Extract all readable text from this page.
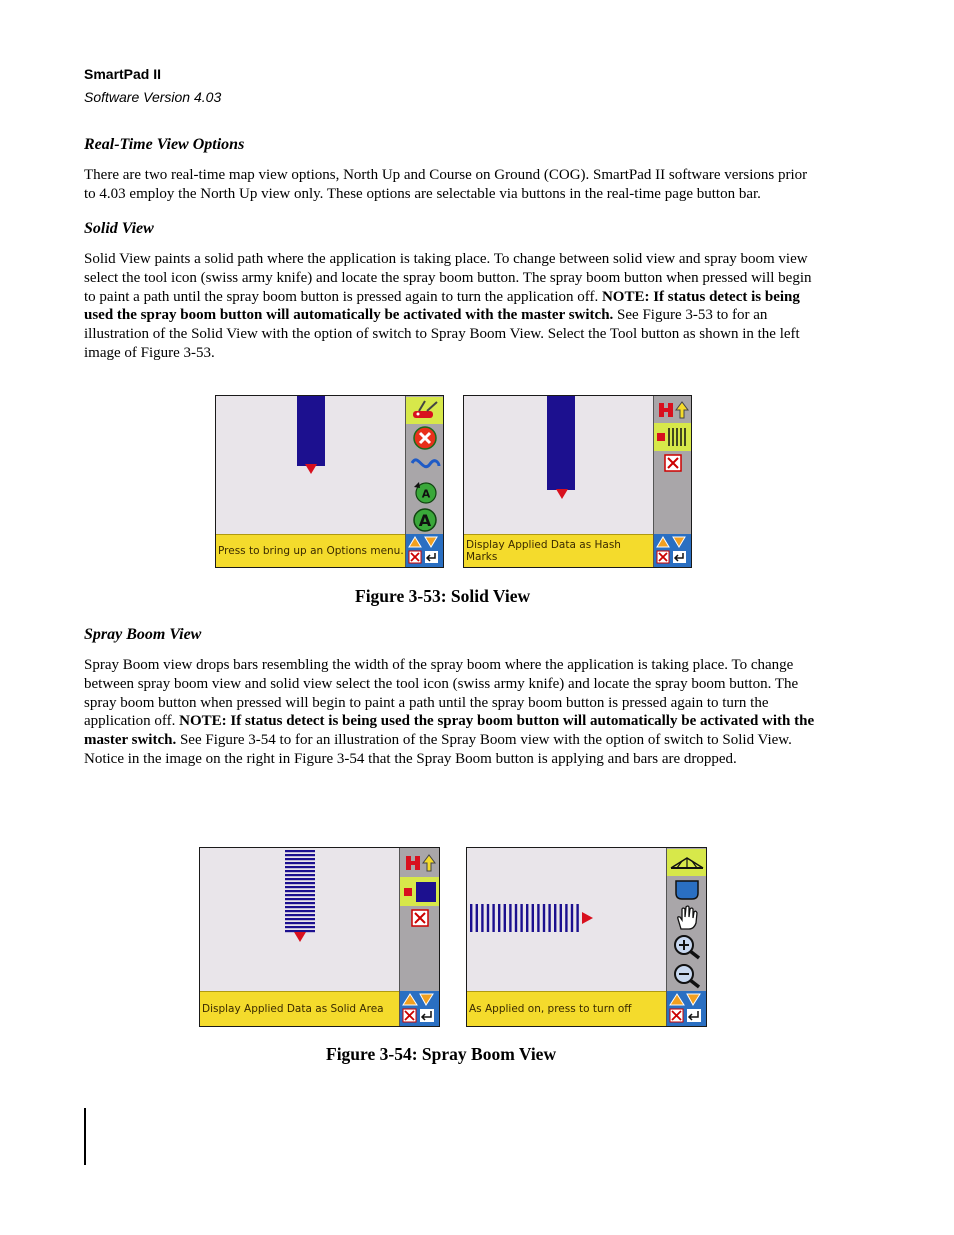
SmartPad II
Software Version 4.03
Real-Time View Options
There are two real-time map view options, North Up and Course on Ground (COG). SmartPad II software versions prior to 4.03 employ the North Up view only. These options are selectable via buttons in the real-time page button bar.
Solid View
Solid View paints a solid path where the application is taking place. To change between solid view and spray boom view select the tool icon (swiss army knife) and locate the spray boom button. The spray boom button when pressed will begin to paint a path until the spray boom button is pressed again to turn the application off. NOTE: If status detect is being used the spray boom button will automatically be activated with the master switch. See Figure 3-53 to for an illustration of the Solid View with the option of switch to Spray Boom View. Select the Tool button as shown in the left image of Figure 3-53.
A
A
Press to bring up an Options menu.	Display Applied Data as Hash Marks
Figure 3-53: Solid View
Spray Boom View
Spray Boom view drops bars resembling the width of the spray boom where the application is taking place. To change between spray boom view and solid view select the tool icon (swiss army knife) and locate the spray boom button. The spray boom button when pressed will begin to paint a path until the spray boom button is pressed again to turn the application off. NOTE: If status detect is being used the spray boom button will automatically be activated with the master switch. See Figure 3-54 to for an illustration of the Spray Boom view with the option of switch to Solid View. Notice in the image on the right in Figure 3-54 that the Spray Boom button is applying and bars are dropped.
Display Applied Data as Solid Area	As Applied on, press to turn off
Figure 3-54: Spray Boom View
